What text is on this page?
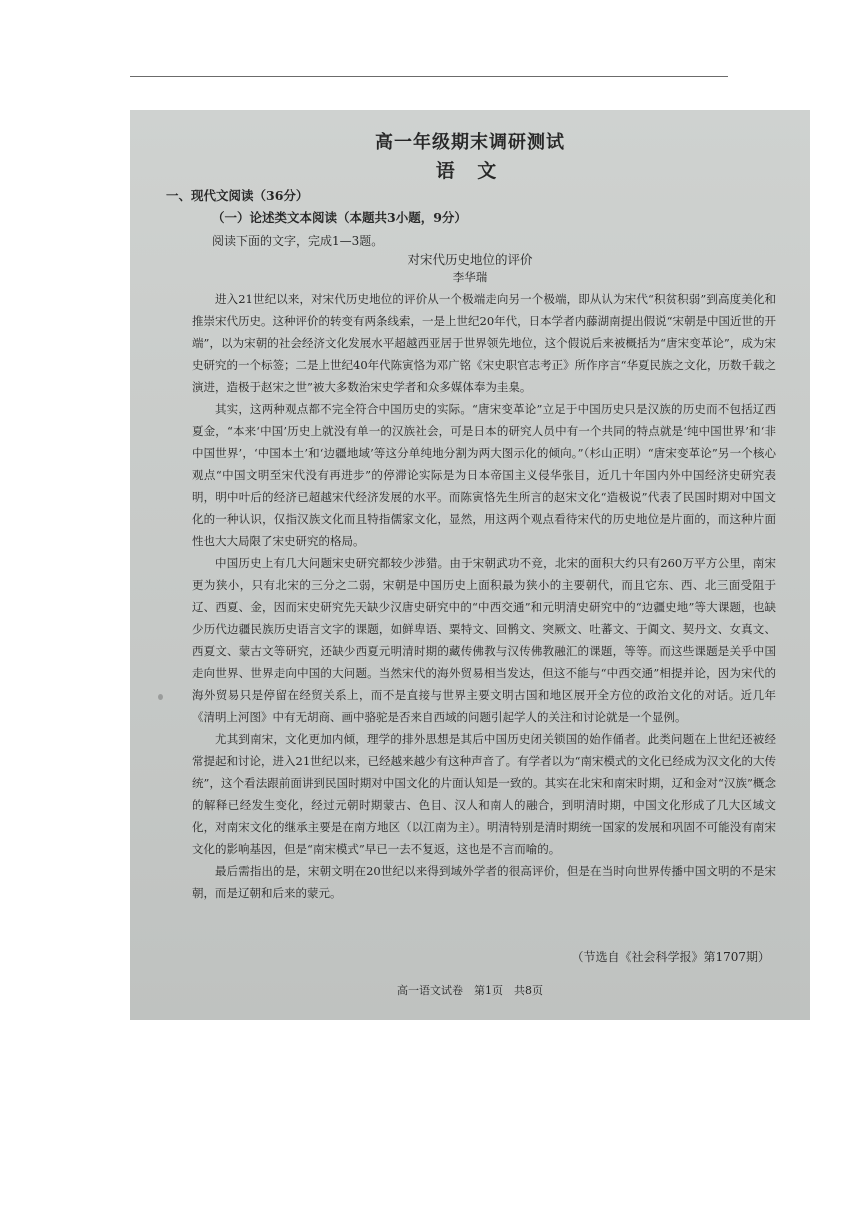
高一年级期末调研测试
语 文
一、现代文阅读（36分）
（一）论述类文本阅读（本题共3小题，9分）
阅读下面的文字，完成1—3题。
对宋代历史地位的评价
李华瑞

进入21世纪以来，对宋代历史地位的评价从一个极端走向另一个极端，即从认为宋代“积贫积弱”到高度美化和推崇宋代历史。这种评价的转变有两条线索，一是上世纪20年代，日本学者内藤湖南提出假说“宋朝是中国近世的开端”，以为宋朝的社会经济文化发展水平超越西亚居于世界领先地位，这个假说后来被概括为“唐宋变革论”，成为宋史研究的一个标签；二是上世纪40年代陈寅恪为邓广铭《宋史职官志考正》所作序言“华夏民族之文化，历数千载之演进，造极于赵宋之世”被大多数治宋史学者和众多媒体奉为圭臬。

其实，这两种观点都不完全符合中国历史的实际。“唐宋变革论”立足于中国历史只是汉族的历史而不包括辽西夏金，“本来‘中国’历史上就没有单一的汉族社会，可是日本的研究人员中有一个共同的特点就是‘纯中国世界’和‘非中国世界’，‘中国本土’和‘边疆地域’等这分单纯地分割为两大图示化的倾向。”（杉山正明）“唐宋变革论”另一个核心观点“中国文明至宋代没有再进步”的停滞论实际是为日本帝国主义侵华张目，近几十年国内外中国经济史研究表明，明中叶后的经济已超越宋代经济发展的水平。而陈寅恪先生所言的赵宋文化“造极说”代表了民国时期对中国文化的一种认识，仅指汉族文化而且特指儒家文化，显然，用这两个观点看待宋代的历史地位是片面的，而这种片面性也大大局限了宋史研究的格局。

中国历史上有几大问题宋史研究都较少涉猎。由于宋朝武功不竞，北宋的面积大约只有260万平方公里，南宋更为狭小，只有北宋的三分之二弱，宋朝是中国历史上面积最为狭小的主要朝代，而且它东、西、北三面受阻于辽、西夏、金，因而宋史研究先天缺少汉唐史研究中的“中西交通”和元明清史研究中的“边疆史地”等大课题，也缺少历代边疆民族历史语言文字的课题，如鲜卑语、粟特文、回鹘文、突厥文、吐蕃文、于阗文、契丹文、女真文、西夏文、蒙古文等研究，还缺少西夏元明清时期的藏传佛教与汉传佛教融汇的课题，等等。而这些课题是关乎中国走向世界、世界走向中国的大问题。当然宋代的海外贸易相当发达，但这不能与“中西交通”相提并论，因为宋代的海外贸易只是停留在经贸关系上，而不是直接与世界主要文明古国和地区展开全方位的政治文化的对话。近几年《清明上河图》中有无胡商、画中骆驼是否来自西域的问题引起学人的关注和讨论就是一个显例。

尤其到南宋，文化更加内倾，理学的排外思想是其后中国历史闭关锁国的始作俑者。此类问题在上世纪还被经常提起和讨论，进入21世纪以来，已经越来越少有这种声音了。有学者以为“南宋模式的文化已经成为汉文化的大传统”，这个看法跟前面讲到民国时期对中国文化的片面认知是一致的。其实在北宋和南宋时期，辽和金对“汉族”概念的解释已经发生变化，经过元朝时期蒙古、色目、汉人和南人的融合，到明清时期，中国文化形成了几大区域文化，对南宋文化的继承主要是在南方地区（以江南为主）。明清特别是清时期统一国家的发展和巩固不可能没有南宋文化的影响基因，但是“南宋模式”早已一去不复返，这也是不言而喻的。

最后需指出的是，宋朝文明在20世纪以来得到域外学者的很高评价，但是在当时向世界传播中国文明的不是宋朝，而是辽朝和后来的蒙元。

（节选自《社会科学报》第1707期）
高一语文试卷　第1页　共8页
